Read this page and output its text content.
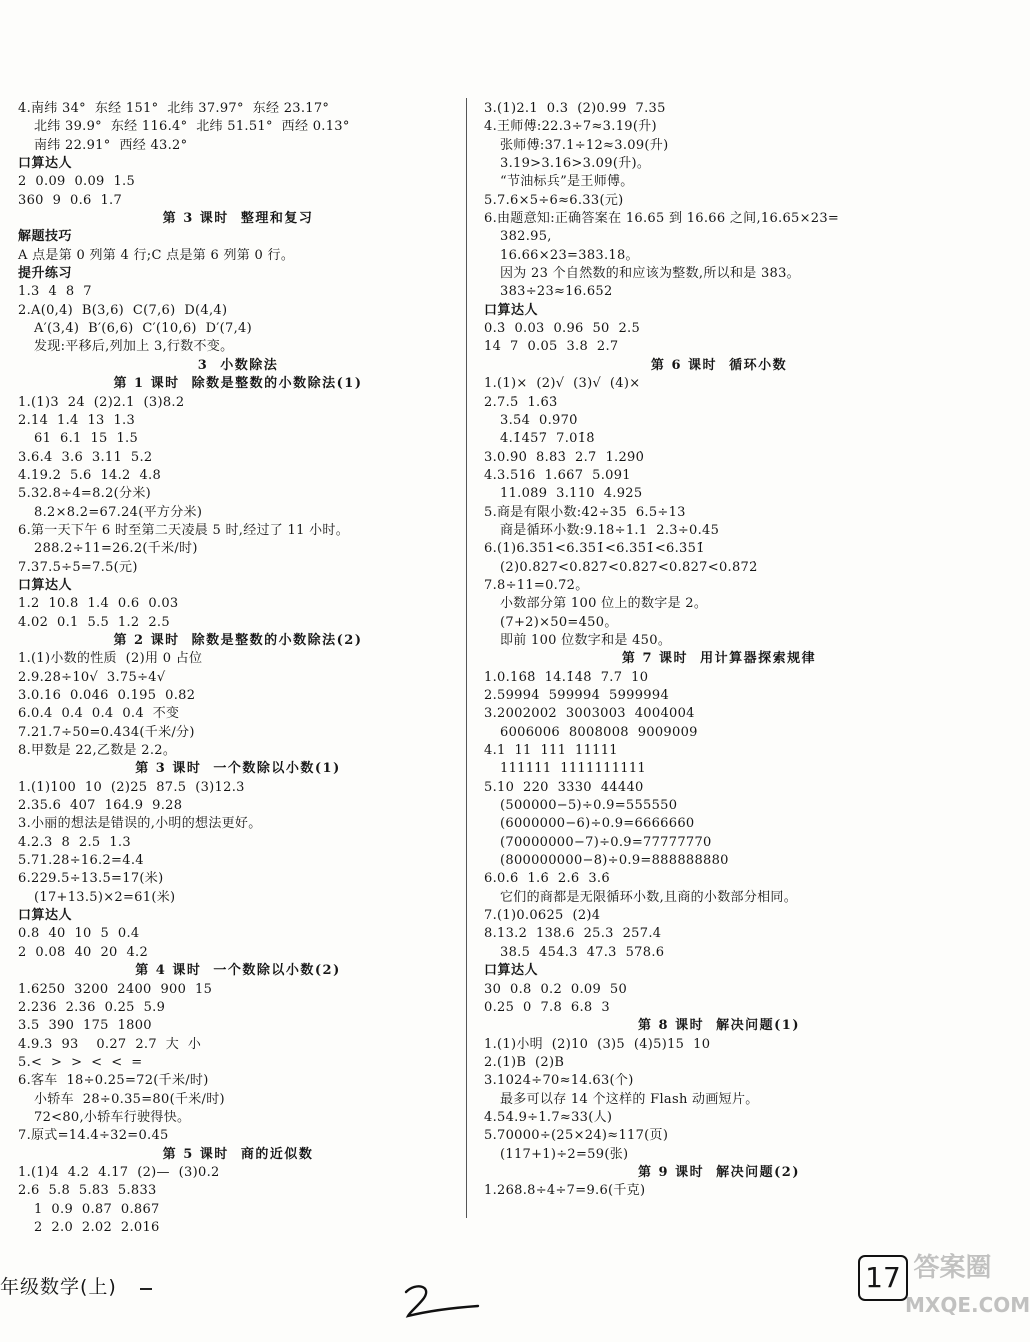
4.南纬 34°  东经 151°  北纬 37.97°  东经 23.17°
北纬 39.9°  东经 116.4°  北纬 51.51°  西经 0.13°
南纬 22.91°  西经 43.2°
口算达人
2  0.09  0.09  1.5
360  9  0.6  1.7
第 3 课时  整理和复习
解题技巧
A 点是第 0 列第 4 行;C 点是第 6 列第 0 行。
提升练习
1.3  4  8  7
2.A(0,4)  B(3,6)  C(7,6)  D(4,4)
A′(3,4)  B′(6,6)  C′(10,6)  D′(7,4)
发现:平移后,列加上 3,行数不变。
3  小数除法
第 1 课时  除数是整数的小数除法(1)
1.(1)3  24  (2)2.1  (3)8.2
2.14  1.4  13  1.3
61  6.1  15  1.5
3.6.4  3.6  3.11  5.2
4.19.2  5.6  14.2  4.8
5.32.8÷4=8.2(分米)
8.2×8.2=67.24(平方分米)
6.第一天下午 6 时至第二天凌晨 5 时,经过了 11 小时。
288.2÷11=26.2(千米/时)
7.37.5÷5=7.5(元)
口算达人
1.2  10.8  1.4  0.6  0.03
4.02  0.1  5.5  1.2  2.5
第 2 课时  除数是整数的小数除法(2)
1.(1)小数的性质  (2)用 0 占位
2.9.28÷10√  3.75÷4√
3.0.16  0.046  0.195  0.82
6.0.4  0.4  0.4  0.4  不变
7.21.7÷50=0.434(千米/分)
8.甲数是 22,乙数是 2.2。
第 3 课时  一个数除以小数(1)
1.(1)100  10  (2)25  87.5  (3)12.3
2.35.6  407  164.9  9.28
3.小丽的想法是错误的,小明的想法更好。
4.2.3  8  2.5  1.3
5.71.28÷16.2=4.4
6.229.5÷13.5=17(米)
(17+13.5)×2=61(米)
口算达人
0.8  40  10  5  0.4
2  0.08  40  20  4.2
第 4 课时  一个数除以小数(2)
1.6250  3200  2400  900  15
2.236  2.36  0.25  5.9
3.5  390  175  1800
4.9.3  93    0.27  2.7  大  小
5.<  >  >  <  <  =
6.客车  18÷0.25=72(千米/时)
小轿车  28÷0.35=80(千米/时)
72<80,小轿车行驶得快。
7.原式=14.4÷32=0.45
第 5 课时  商的近似数
1.(1)4  4.2  4.17  (2)—  (3)0.2
2.6  5.8  5.83  5.833
1  0.9  0.87  0.867
2  2.0  2.02  2.016
3.(1)2.1  0.3  (2)0.99  7.35
4.王师傅:22.3÷7≈3.19(升)
张师傅:37.1÷12≈3.09(升)
3.19>3.16>3.09(升)。
“节油标兵”是王师傅。
5.7.6×5÷6≈6.33(元)
6.由题意知:正确答案在 16.65 到 16.66 之间,16.65×23=
382.95,
16.66×23=383.18。
因为 23 个自然数的和应该为整数,所以和是 383。
383÷23≈16.652
口算达人
0.3̇  0.03  0.96  50  2.5
14  7  0.05  3.8  2.7
第 6 课时  循环小数
1.(1)×  (2)√  (3)√  (4)×
2.7.5̇  1.6̇3̇
3.5̇4̇  0.9̇70̇
4.1̇457̇  7.01̇8̇
3.0.9̇0̇  8.83̇  2.7̇  1.29̇0̇
4.3.516  1.667  5.091
11.089  3.110  4.925
5.商是有限小数:42÷35  6.5÷13
商是循环小数:9.18÷1.1  2.3÷0.45
6.(1)6.351<6.351̇<6.35̇1̇<6.3̇51̇
(2)0.827<0.82̇7̇<0.8̇27̇<0.827̇<0.872̇
7.8÷11=0.7̇2̇。
小数部分第 100 位上的数字是 2。
(7+2)×50=450。
即前 100 位数字和是 450。
第 7 课时  用计算器探索规律
1.0.16̇8̇  14.1̇48̇  7.7  10
2.59994  599994  5999994
3.2002002  3003003  4004004
6006006  8008008  9009009
4.1  11  111  11111
111111  1111111111
5.10  220  3330  44440
(500000−5)÷0.9=555550
(6000000−6)÷0.9=6666660
(70000000−7)÷0.9=77777770
(800000000−8)÷0.9=888888880
6.0.6̇  1.6̇  2.6̇  3.6̇
它们的商都是无限循环小数,且商的小数部分相同。
7.(1)0.0625  (2)4
8.13.2  138.6  25.3  257.4
38.5  454.3  47.3  578.6
口算达人
30  0.8  0.2  0.09  50
0.25  0  7.8  6.8  3
第 8 课时  解决问题(1)
1.(1)小明  (2)10  (3)5  (4)5)15  10
2.(1)B  (2)B
3.1024÷70≈14.63(个)
最多可以存 14 个这样的 Flash 动画短片。
4.54.9÷1.7≈33(人)
5.70000÷(25×24)≈117(页)
(117+1)÷2=59(张)
第 9 课时  解决问题(2)
1.268.8÷4÷7=9.6(千克)
年级数学(上)	17 答案圈
MXQE.COM
